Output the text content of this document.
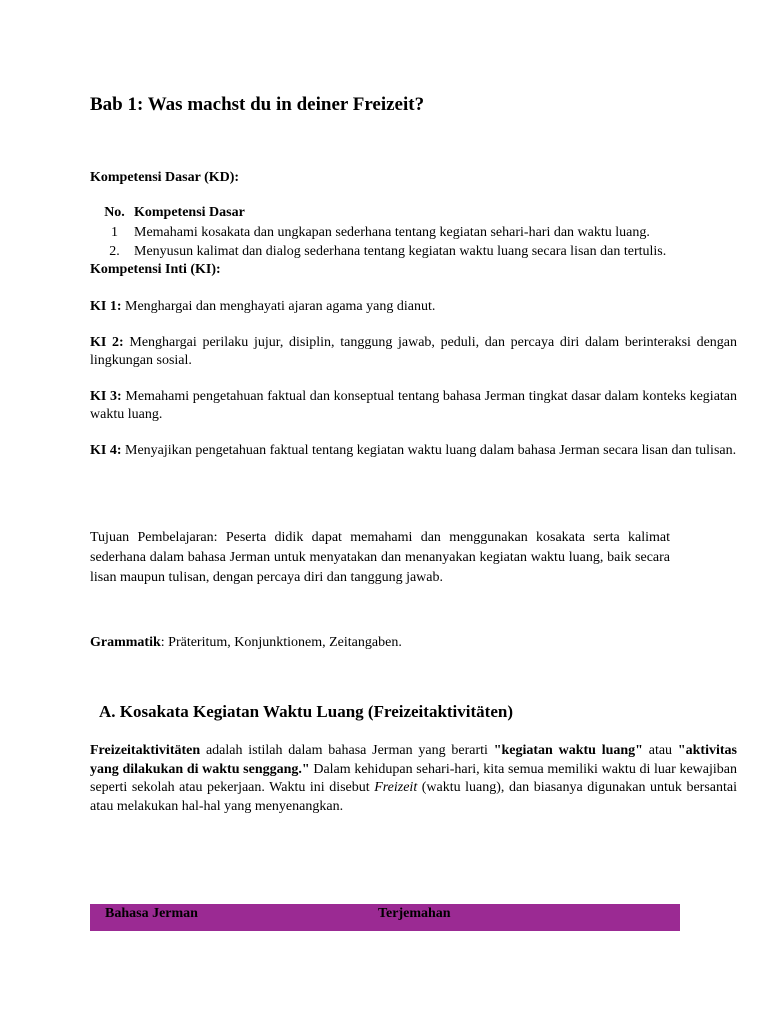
Bab 1: Was machst du in deiner Freizeit?
Kompetensi Dasar (KD):
No. Kompetensi Dasar
1	Memahami kosakata dan ungkapan sederhana tentang kegiatan sehari-hari dan waktu luang.
2.	Menyusun kalimat dan dialog sederhana tentang kegiatan waktu luang secara lisan dan tertulis.
Kompetensi Inti (KI):
KI 1: Menghargai dan menghayati ajaran agama yang dianut.
KI 2: Menghargai perilaku jujur, disiplin, tanggung jawab, peduli, dan percaya diri dalam berinteraksi dengan lingkungan sosial.
KI 3: Memahami pengetahuan faktual dan konseptual tentang bahasa Jerman tingkat dasar dalam konteks kegiatan waktu luang.
KI 4: Menyajikan pengetahuan faktual tentang kegiatan waktu luang dalam bahasa Jerman secara lisan dan tulisan.
Tujuan Pembelajaran: Peserta didik dapat memahami dan menggunakan kosakata serta kalimat sederhana dalam bahasa Jerman untuk menyatakan dan menanyakan kegiatan waktu luang, baik secara lisan maupun tulisan, dengan percaya diri dan tanggung jawab.
Grammatik: Präteritum, Konjunktionem, Zeitangaben.
A. Kosakata Kegiatan Waktu Luang (Freizeitaktivitäten)
Freizeitaktivitäten adalah istilah dalam bahasa Jerman yang berarti "kegiatan waktu luang" atau "aktivitas yang dilakukan di waktu senggang." Dalam kehidupan sehari-hari, kita semua memiliki waktu di luar kewajiban seperti sekolah atau pekerjaan. Waktu ini disebut Freizeit (waktu luang), dan biasanya digunakan untuk bersantai atau melakukan hal-hal yang menyenangkan.
Bahasa Jerman	Terjemahan
